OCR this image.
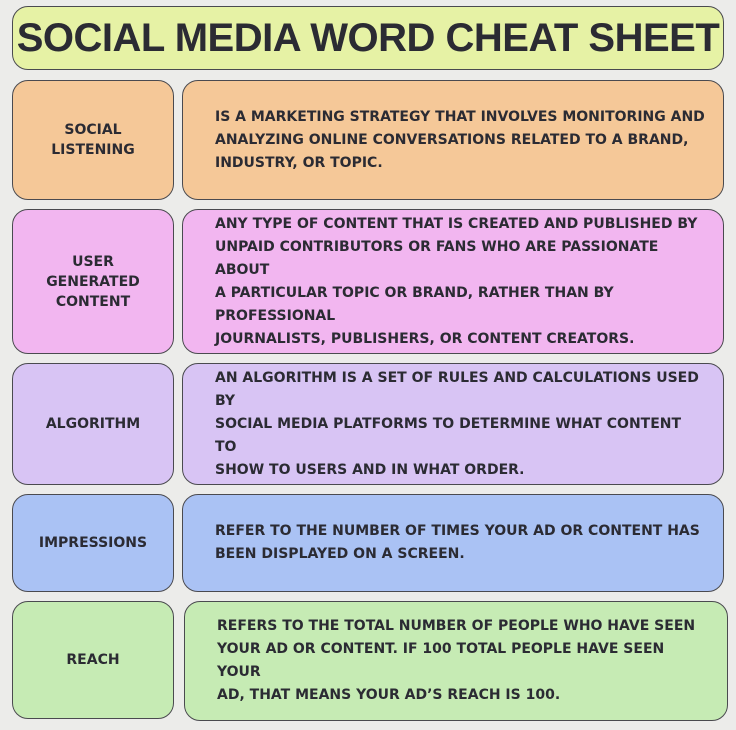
SOCIAL MEDIA WORD CHEAT SHEET
SOCIAL
LISTENING
IS A MARKETING STRATEGY THAT INVOLVES MONITORING AND
ANALYZING ONLINE CONVERSATIONS RELATED TO A BRAND,
INDUSTRY, OR TOPIC.
USER
GENERATED
CONTENT
ANY TYPE OF CONTENT THAT IS CREATED AND PUBLISHED BY
UNPAID CONTRIBUTORS OR FANS WHO ARE PASSIONATE ABOUT
A PARTICULAR TOPIC OR BRAND, RATHER THAN BY PROFESSIONAL
JOURNALISTS, PUBLISHERS, OR CONTENT CREATORS.
ALGORITHM
AN ALGORITHM IS A SET OF RULES AND CALCULATIONS USED BY
SOCIAL MEDIA PLATFORMS TO DETERMINE WHAT CONTENT TO
SHOW TO USERS AND IN WHAT ORDER.
IMPRESSIONS
REFER TO THE NUMBER OF TIMES YOUR AD OR CONTENT HAS
BEEN DISPLAYED ON A SCREEN.
REACH
REFERS TO THE TOTAL NUMBER OF PEOPLE WHO HAVE SEEN
YOUR AD OR CONTENT. IF 100 TOTAL PEOPLE HAVE SEEN YOUR
AD, THAT MEANS YOUR AD’S REACH IS 100.
